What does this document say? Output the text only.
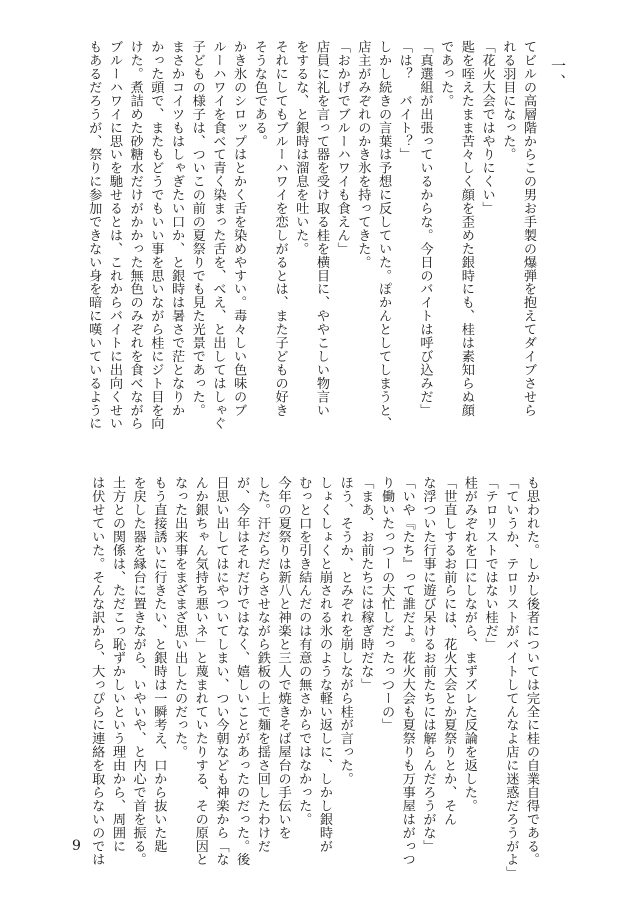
一、
てビルの高層階からこの男お手製の爆弾を抱えてダイブさせら
れる羽目になった。
「花火大会ではやりにくい」
匙を咥えたまま苦々しく顔を歪めた銀時にも、桂は素知らぬ顔
であった。
「真選組が出張っているからな。今日のバイトは呼び込みだ」
「は？　バイト？」
しかし続きの言葉は予想に反していた。ぽかんとしてしまうと、
店主がみぞれのかき氷を持ってきた。
「おかげでブルーハワイも食えん」
店員に礼を言って器を受け取る桂を横目に、ややこしい物言い
をするな、と銀時は溜息を吐いた。
それにしてもブルーハワイを恋しがるとは、また子どもの好き
そうな色である。
かき氷のシロップはとかく舌を染めやすい。毒々しい色味のブ
ルーハワイを食べて青く染まった舌を、べえ、と出してはしゃぐ
子どもの様子は、ついこの前の夏祭りでも見た光景であった。
まさかコイツもはしゃぎたい口か、と銀時は暑さで茫となりか
かった頭で、またもどうでもいい事を思いながら桂にジト目を向
けた。煮詰めた砂糖水だけがかかった無色のみぞれを食べながら
ブルーハワイに思いを馳せるとは、これからバイトに出向くせい
もあるだろうが、祭りに参加できない身を暗に嘆いているように
も思われた。しかし後者については完全に桂の自業自得である。
「ていうか、テロリストがバイトしてんなよ店に迷惑だろうがよ」
「テロリストではない桂だ」
桂がみぞれを口にしながら、まずズレた反論を返した。
「世直しするお前らには、花火大会とか夏祭りとか、そん
な浮ついた行事に遊び呆けるお前たちには解らんだろうがな」
「いや『たち』って誰だよ。花火大会も夏祭りも万事屋はがっつ
り働いたっつーの大忙しだったっつーの」
「まあ、お前たちには稼ぎ時だな」
ほう、そうか、とみぞれを崩しながら桂が言った。
しょくしょくと崩される氷のような軽い返しに、しかし銀時が
むっと口を引き結んだのは有意の無さからではなかった。
今年の夏祭りは新八と神楽と三人で焼きそば屋台の手伝いを
した。汗だらだらさせながら鉄板の上で麺を揺さ回したわけだ
が、今年はそれだけではなく、嬉しいことがあったのだった。後
日思い出してはにやついてしまい、つい今朝なども神楽から「な
んか銀ちゃん気持ち悪いネ」と蔑まれていたりする、その原因と
なった出来事をまざまざ思い出したのだった。
もう直接誘いに行きたい、と銀時は一瞬考え、口から抜いた匙
を戻した器を縁台に置きながら、いやいや、と内心で首を振る。
土方との関係は、ただこっ恥ずかしいという理由から、周囲に
は伏せていた。そんな訳から、大っぴらに連絡を取らないのでは
9
